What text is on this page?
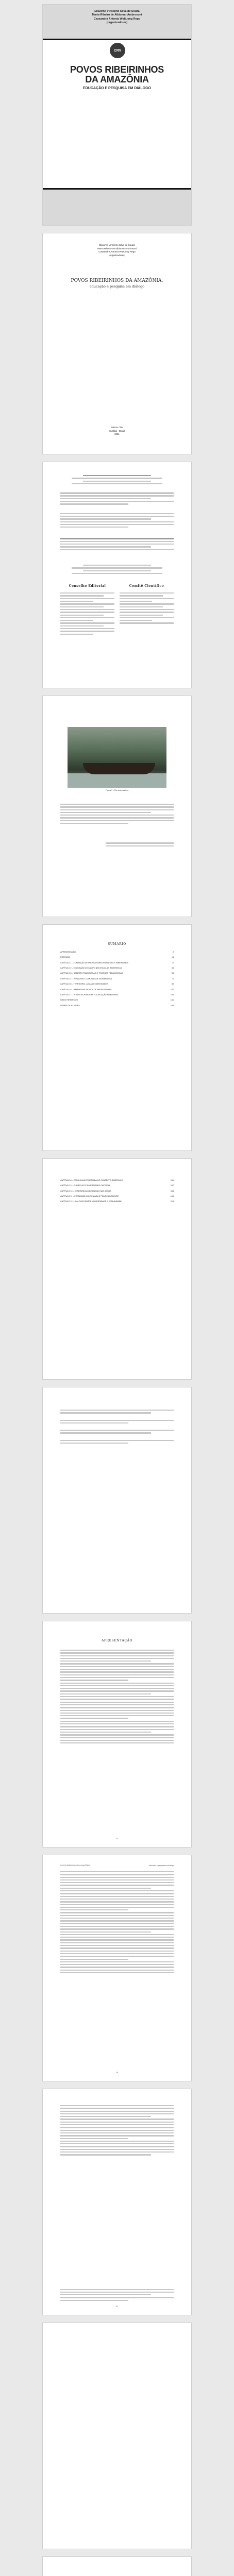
Eliacirne Virissimo Silva de Souza
Marta Ribeiro de Albiomar Ambrosoni
Cassandra Antonia Woltuong Rego
(organizadores)
CRV
POVOS RIBEIRINHOS
DA AMAZÔNIA
EDUCAÇÃO E PESQUISA EM DIÁLOGO
Eliacirne Virissimo Silva de Souza
Marta Ribeiro de Albiomar Ambrosoni
Cassandra Antonia Woltuong Rego
(organizadores)
POVOS RIBEIRINHOS DA AMAZÔNIA:
educação e pesquisa em diálogo
Editora CRV
Curitiba - Brasil
2021
Conselho Editorial	Comitê Científico
Figura 1 – Rio da Amazônia
SUMÁRIO
APRESENTAÇÃO	9
PREFÁCIO	13
CAPÍTULO 1 – FORMAÇÃO DE PROFESSORES INDÍGENAS E RIBEIRINHOS	17
CAPÍTULO 2 – EDUCAÇÃO DO CAMPO NAS ESCOLAS RIBEIRINHAS	35
CAPÍTULO 3 – SABERES TRADICIONAIS E PRÁTICAS PEDAGÓGICAS	53
CAPÍTULO 4 – PESQUISA E COMUNIDADE NA AMAZÔNIA	71
CAPÍTULO 5 – TERRITÓRIO, ÁGUAS E IDENTIDADES	89
CAPÍTULO 6 – NARRATIVAS DE VIDA DE PROFESSORAS	107
CAPÍTULO 7 – POLÍTICAS PÚBLICAS E EDUCAÇÃO RIBEIRINHA	125
ÍNDICE REMISSIVO	141
SOBRE OS AUTORES	145
CAPÍTULO 8 – ESCOLA MULTISSERIADA NO CONTEXTO RIBEIRINHO	151
CAPÍTULO 9 – CURRÍCULO E DIVERSIDADE CULTURAL	167
CAPÍTULO 10 – EXPERIÊNCIAS DE ENSINO NAS ÁGUAS	183
CAPÍTULO 11 – FORMAÇÃO CONTINUADA E PRÁTICA DOCENTE	199
CAPÍTULO 12 – DIÁLOGOS ENTRE UNIVERSIDADE E COMUNIDADE	215
APRESENTAÇÃO
9
POVOS RIBEIRINHOS DA AMAZÔNIA	educação e pesquisa em diálogo
10
11
